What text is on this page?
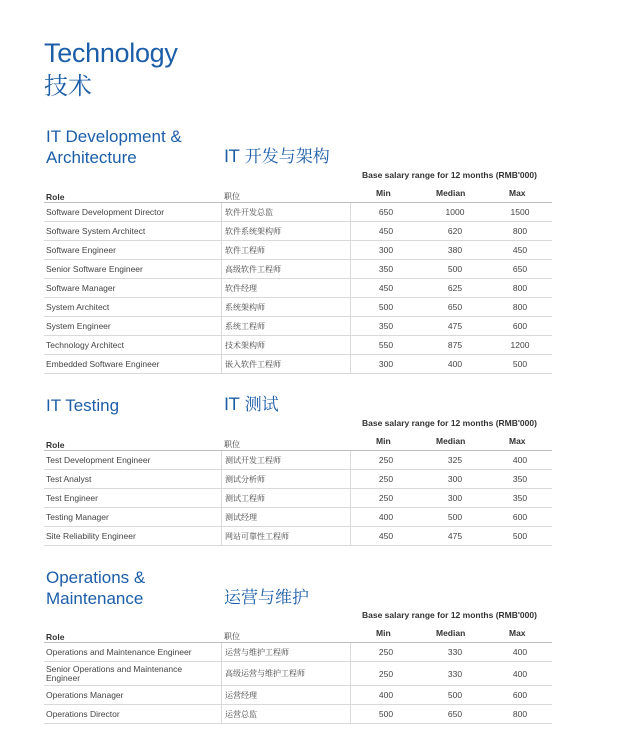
Technology
技术
IT Development &
Architecture	IT 开发与架构
Base salary range for 12 months (RMB'000)
Role	职位	Min	Median	Max
Software Development Director	软件开发总监	650	1000	1500
Software System Architect	软件系统架构师	450	620	800
Software Engineer	软件工程师	300	380	450
Senior Software Engineer	高级软件工程师	350	500	650
Software Manager	软件经理	450	625	800
System Architect	系统架构师	500	650	800
System Engineer	系统工程师	350	475	600
Technology Architect	技术架构师	550	875	1200
Embedded Software Engineer	嵌入软件工程师	300	400	500
IT Testing	IT 测试
Base salary range for 12 months (RMB'000)
Role	职位	Min	Median	Max
Test Development Engineer	测试开发工程师	250	325	400
Test Analyst	测试分析师	250	300	350
Test Engineer	测试工程师	250	300	350
Testing Manager	测试经理	400	500	600
Site Reliability Engineer	网站可靠性工程师	450	475	500
Operations &
Maintenance	运营与维护
Base salary range for 12 months (RMB'000)
Role	职位	Min	Median	Max
Operations and Maintenance Engineer	运营与维护工程师	250	330	400
Senior Operations and Maintenance Engineer	高级运营与维护工程师	250	330	400
Operations Manager	运营经理	400	500	600
Operations Director	运营总监	500	650	800
